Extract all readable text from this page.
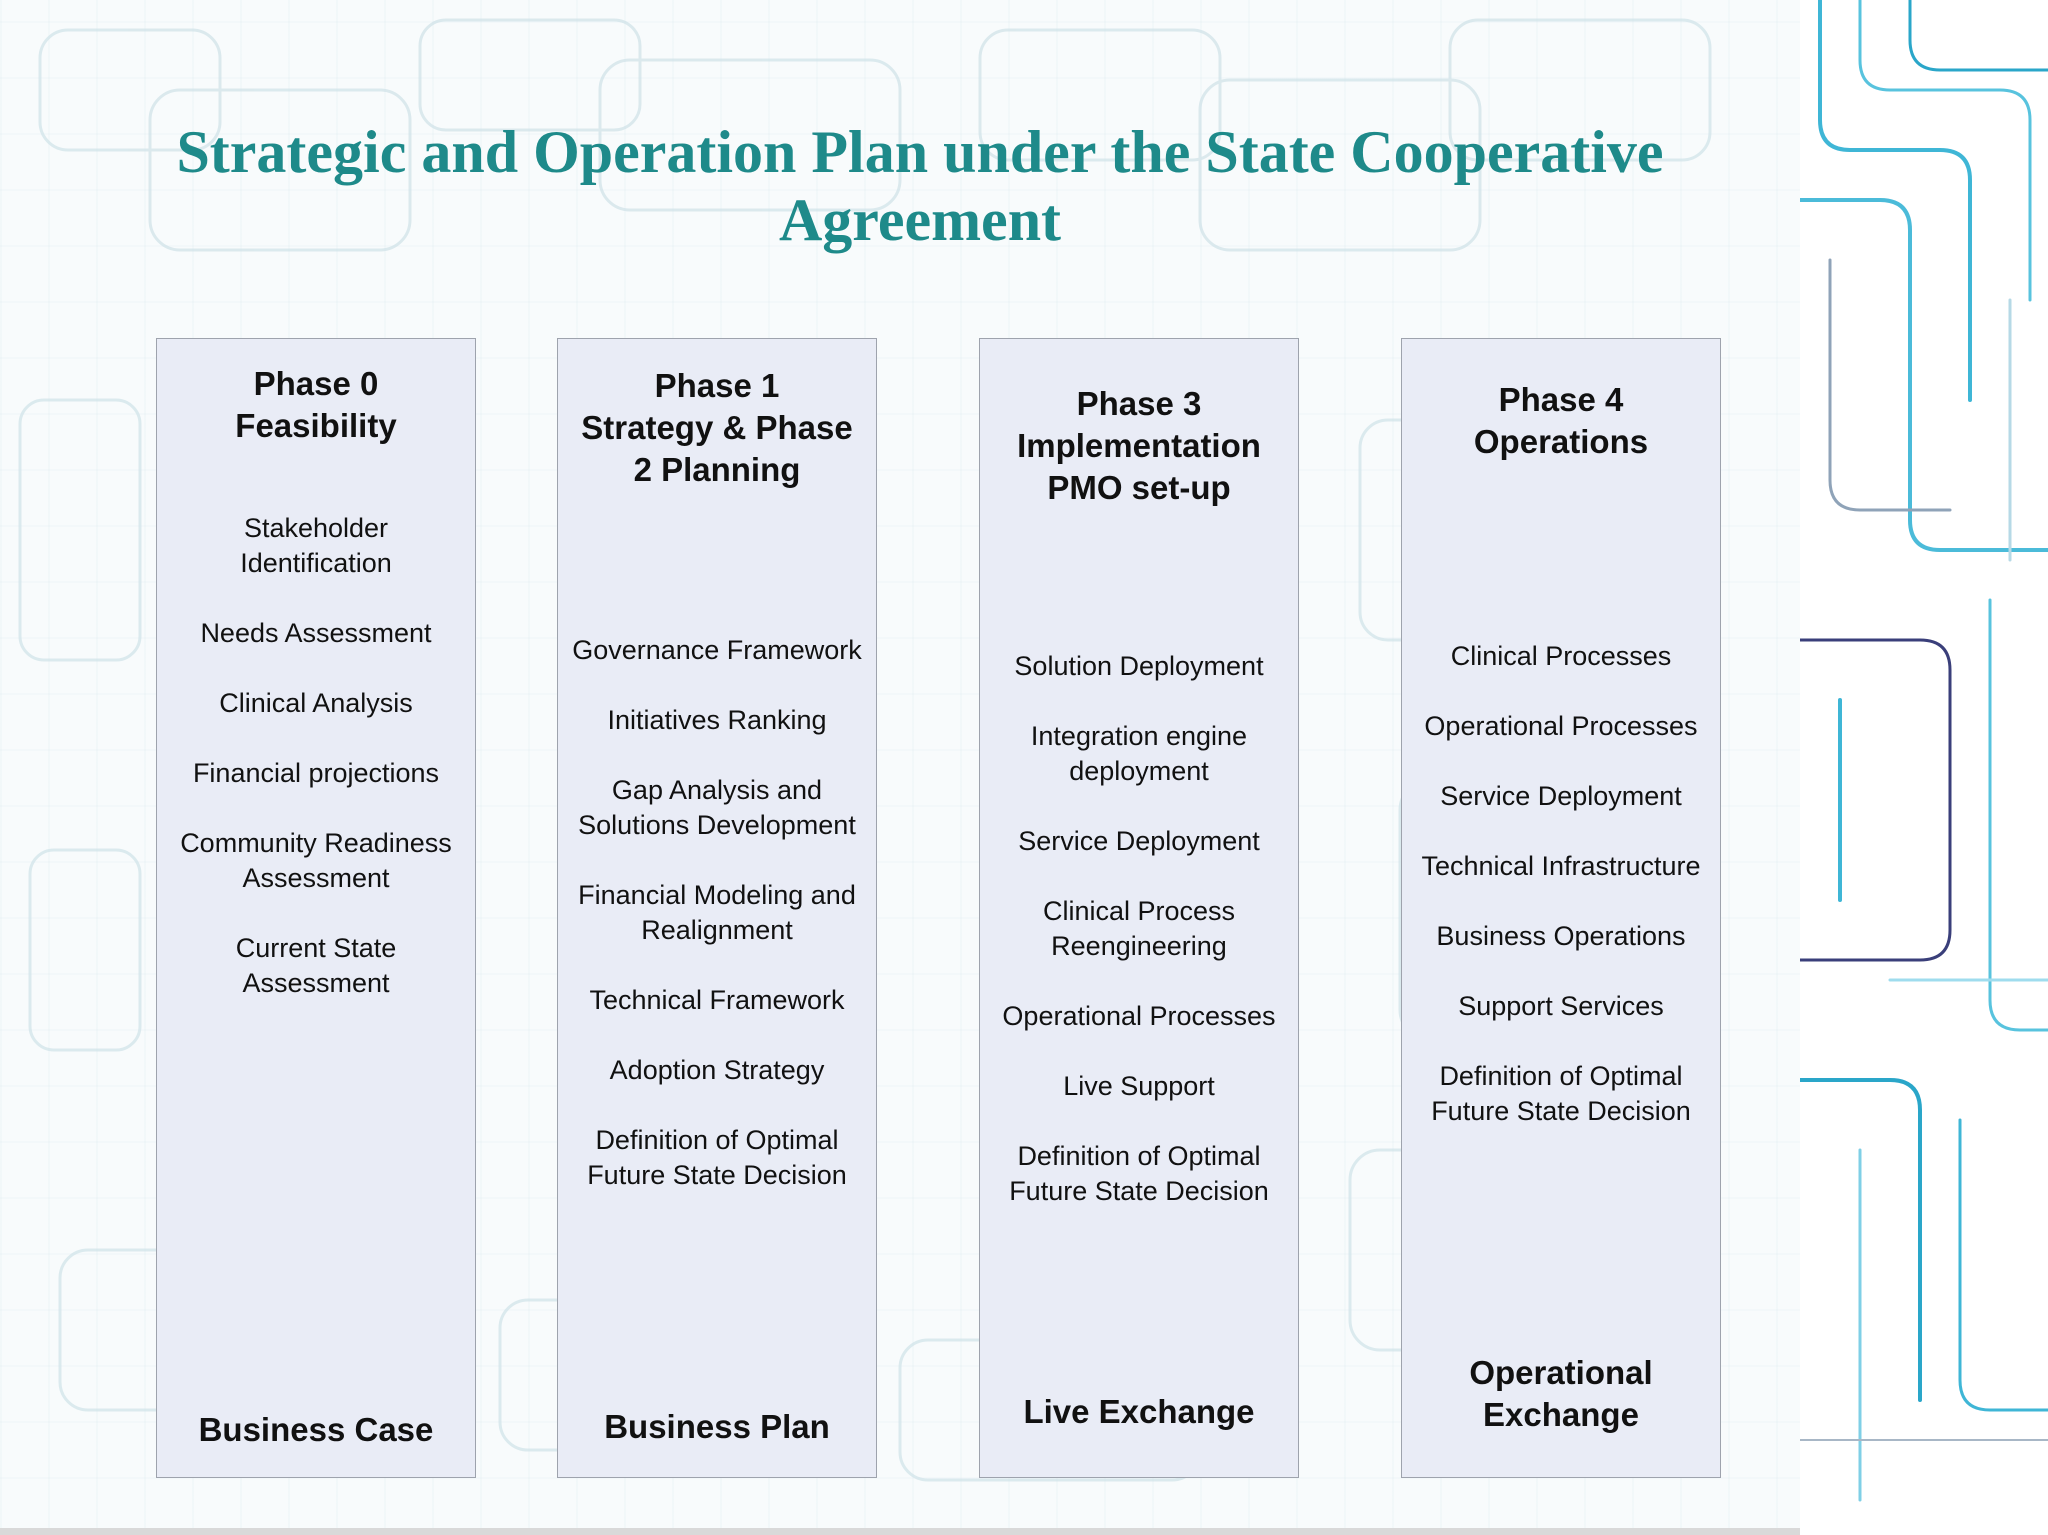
Strategic and Operation Plan under the State Cooperative Agreement

Phase 0
Feasibility

Stakeholder Identification
Needs Assessment
Clinical Analysis
Financial projections
Community Readiness Assessment
Current State Assessment

Business Case

Phase 1
Strategy & Phase 2 Planning

Governance Framework
Initiatives Ranking
Gap Analysis and Solutions Development
Financial Modeling and Realignment
Technical Framework
Adoption Strategy
Definition of Optimal Future State Decision

Business Plan

Phase 3
Implementation PMO set-up

Solution Deployment
Integration engine deployment
Service Deployment
Clinical Process Reengineering
Operational Processes
Live Support
Definition of Optimal Future State Decision

Live Exchange

Phase 4
Operations

Clinical Processes
Operational Processes
Service Deployment
Technical Infrastructure
Business Operations
Support Services
Definition of Optimal Future State Decision

Operational Exchange
